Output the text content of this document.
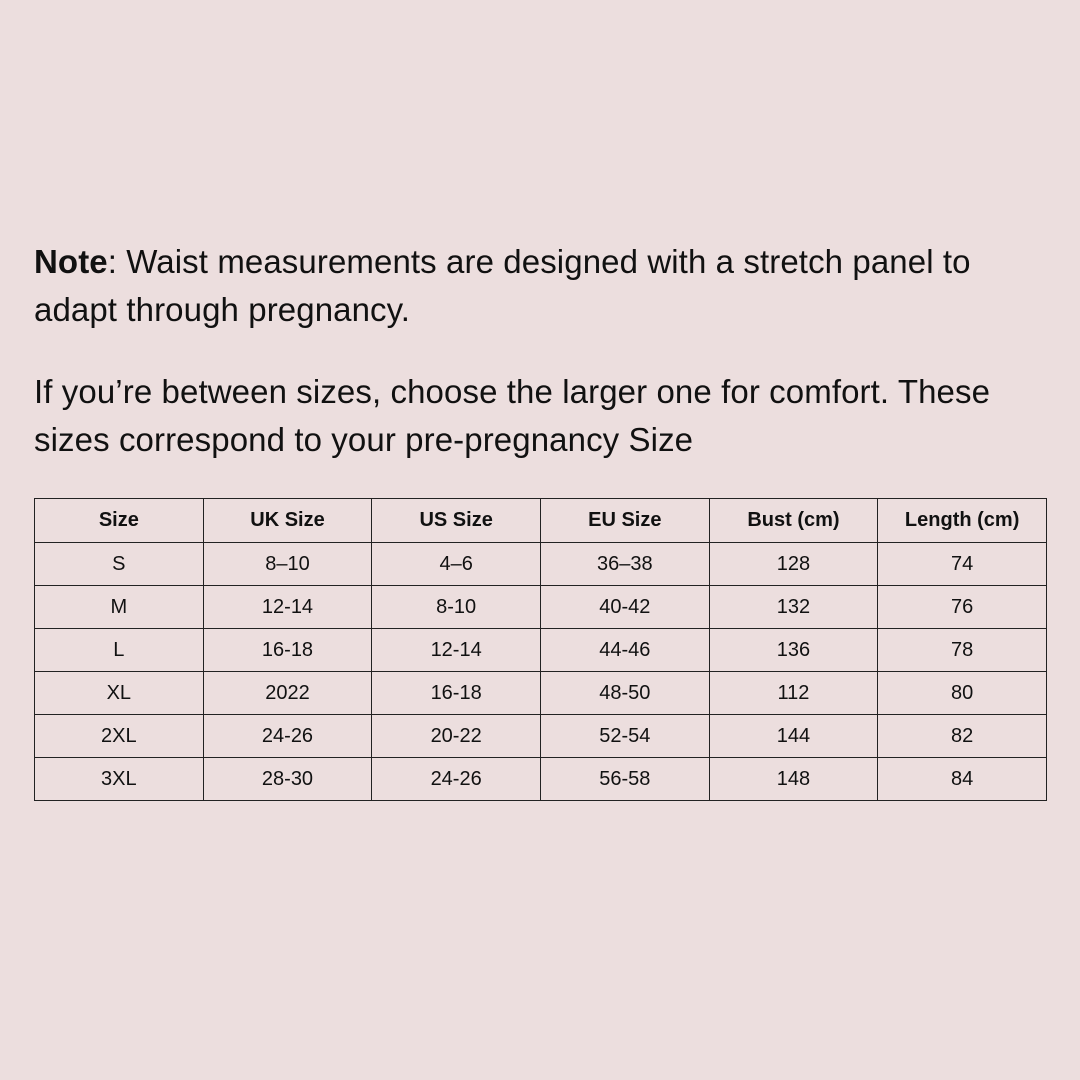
Note: Waist measurements are designed with a stretch panel to adapt through pregnancy.

If you’re between sizes, choose the larger one for comfort. These sizes correspond to your pre-pregnancy Size

Size	UK Size	US Size	EU Size	Bust (cm)	Length (cm)
S	8–10	4–6	36–38	128	74
M	12-14	8-10	40-42	132	76
L	16-18	12-14	44-46	136	78
XL	2022	16-18	48-50	112	80
2XL	24-26	20-22	52-54	144	82
3XL	28-30	24-26	56-58	148	84
